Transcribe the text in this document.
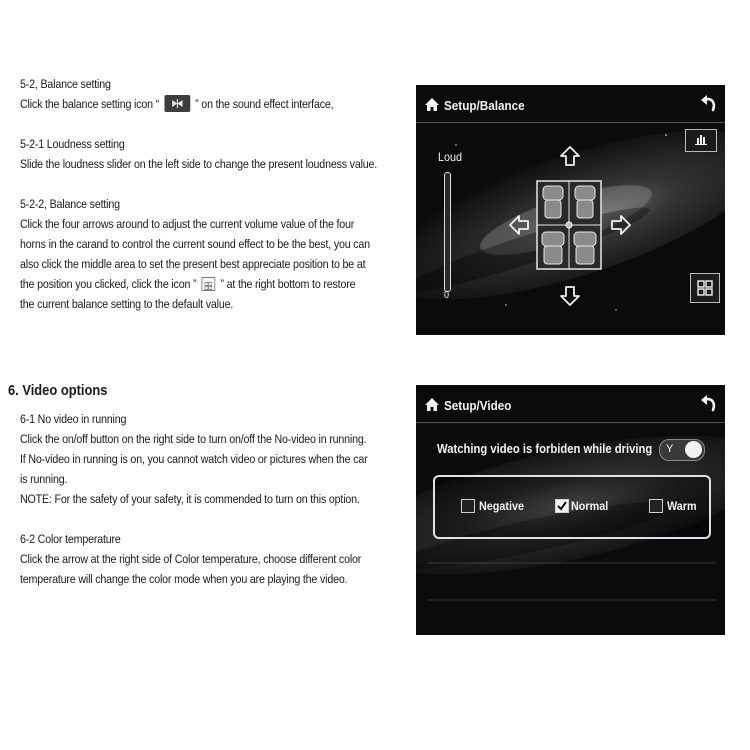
5-2, Balance setting

Click the balance setting icon “	” on the sound effect interface,

5-2-1 Loudness setting

Slide the loudness slider on the left side to change the present loudness value.

5-2-2, Balance setting

Click the four arrows around to adjust the current volume value of the four

horns in the carand to control the current sound effect to be the best, you can

also click the middle area to set the present best appreciate position to be at

the position you clicked, click the icon ” ” at the right bottom to restore

the current balance setting to the default value.

6. Video options

6-1 No video in running

Click the on/off button on the right side to turn on/off the No-video in running.

If No-video in running is on, you cannot watch video or pictures when the car

is running.

NOTE: For the safety of your safety, it is commended to turn on this option.

6-2 Color temperature

Click the arrow at the right side of Color temperature, choose different color

temperature will change the color mode when you are playing the video.

Setup/Balance
Loud
0
Setup/Video
Watching video is forbiden while driving Y
Negative	Normal	Warm
